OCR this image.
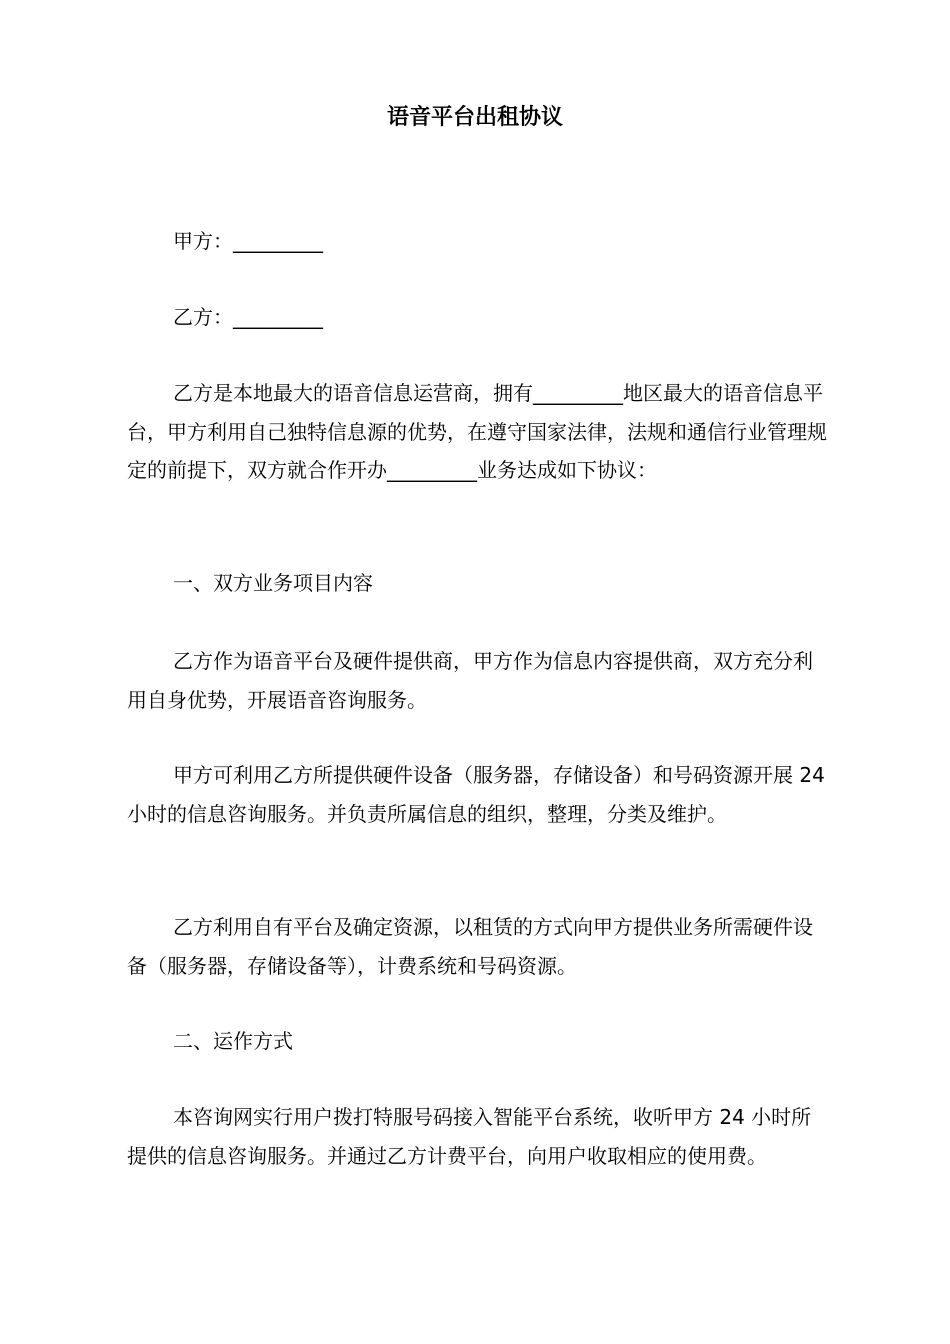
语音平台出租协议

甲方：_________

乙方：_________

乙方是本地最大的语音信息运营商，拥有_________地区最大的语音信息平台，甲方利用自己独特信息源的优势，在遵守国家法律，法规和通信行业管理规定的前提下，双方就合作开办_________业务达成如下协议：

一、双方业务项目内容

乙方作为语音平台及硬件提供商，甲方作为信息内容提供商，双方充分利用自身优势，开展语音咨询服务。

甲方可利用乙方所提供硬件设备（服务器，存储设备）和号码资源开展 24 小时的信息咨询服务。并负责所属信息的组织，整理，分类及维护。

乙方利用自有平台及确定资源，以租赁的方式向甲方提供业务所需硬件设备（服务器，存储设备等），计费系统和号码资源。

二、运作方式

本咨询网实行用户拨打特服号码接入智能平台系统，收听甲方 24 小时所提供的信息咨询服务。并通过乙方计费平台，向用户收取相应的使用费。
